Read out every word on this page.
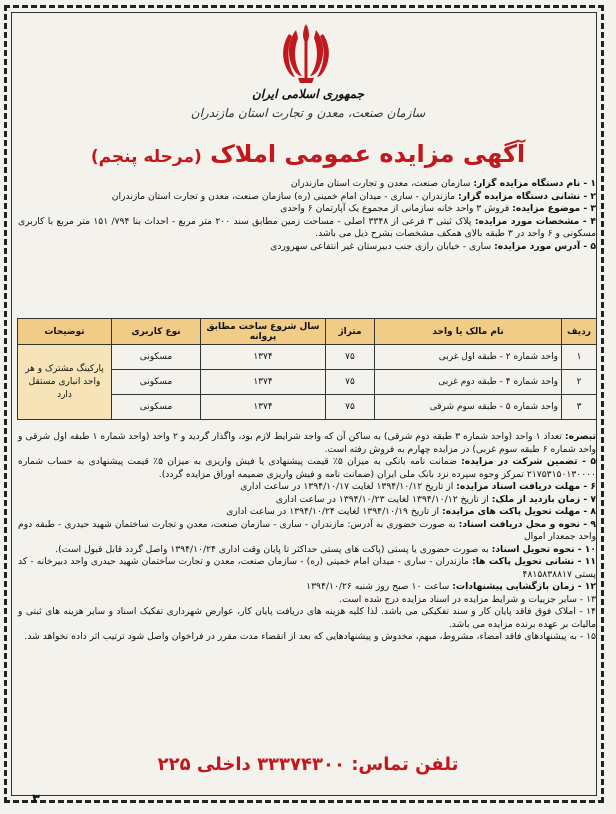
جمهوری اسلامی ایران
سازمان صنعت، معدن و تجارت استان مازندران
آگهی مزایده عمومی املاک (مرحله پنجم)
۱ - نام دستگاه مزایده گزار: سازمان صنعت، معدن و تجارت استان مازندران
۲ - نشانی دستگاه مزایده گزار: مازندران - ساری - میدان امام خمینی (ره) سازمان صنعت، معدن و تجارت استان مازندران
۳ - موضوع مزایده: فروش ۳ واحد خانه سازمانی از مجموع یک آپارتمان ۶ واحدی
۴ - مشخصات مورد مزایده: پلاک ثبتی ۳ فرعی از ۳۳۴۸ اصلی - مساحت زمین مطابق سند ۲۰۰ متر مربع - احداث بنا ۷۹۴/ ۱۵۱ متر مربع با کاربری مسکونی و ۶ واحد در ۳ طبقه بالای همکف مشخصات بشرح ذیل می باشد.
۵ - آدرس مورد مزایده: ساری - خیابان رازی جنب دبیرستان غیر انتفاعی سهروردی
ردیف	نام مالک یا واحد	متراژ	سال شروع ساخت مطابق پروانه	نوع کاربری	توضیحات
۱	واحد شماره ۲ - طبقه اول غربی	۷۵	۱۳۷۴	مسکونی	پارکینگ مشترک و هر واحد انباری مستقل دارد
۲	واحد شماره ۴ - طبقه دوم غربی	۷۵	۱۳۷۴	مسکونی	
۳	واحد شماره ۵ - طبقه سوم شرقی	۷۵	۱۳۷۴	مسکونی	
تبصره: تعداد ۱ واحد (واحد شماره ۳ طبقه دوم شرقی) به ساکن آن که واجد شرایط لازم بود، واگذار گردید و ۲ واحد (واحد شماره ۱ طبقه اول شرقی و واحد شماره ۶ طبقه سوم غربی) در مزایده چهارم به فروش رفته است.
۵ - تضمین شرکت در مزایده: ضمانت نامه بانکی به میزان ۵٪ قیمت پیشنهادی یا فیش واریزی به میزان ۵٪ قیمت پیشنهادی به حساب شماره ۲۱۷۵۳۱۵۰۱۳۰۰۰۰ تمرکز وجوه سپرده نزد بانک ملی ایران (ضمانت نامه و فیش واریزی ضمیمه اوراق مزایده گردد).
۶ - مهلت دریافت اسناد مزایده: از تاریخ ۱۳۹۴/۱۰/۱۲ لغایت ۱۳۹۴/۱۰/۱۷ در ساعت اداری
۷ - زمان بازدید از ملک: از تاریخ ۱۳۹۴/۱۰/۱۲ لغایت ۱۳۹۴/۱۰/۲۳ در ساعت اداری
۸ - مهلت تحویل پاکت های مزایده: از تاریخ ۱۳۹۴/۱۰/۱۹ لغایت ۱۳۹۴/۱۰/۲۴ در ساعت اداری
۹ - نحوه و محل دریافت اسناد: به صورت حضوری به آدرس: مازندران - ساری - سازمان صنعت، معدن و تجارت ساختمان شهید حیدری - طبقه دوم واحد جمعدار اموال
۱۰ - نحوه تحویل اسناد: به صورت حضوری یا پستی (پاکت های پستی حداکثر تا پایان وقت اداری ۱۳۹۴/۱۰/۲۴ واصل گردد قابل قبول است).
۱۱ - نشانی تحویل پاکت ها: مازندران - ساری - میدان امام خمینی (ره) - سازمان صنعت، معدن و تجارت ساختمان شهید حیدری واحد دبیرخانه - کد پستی ۴۸۱۵۸۳۸۸۱۷
۱۲ - زمان بازگشایی پیشنهادات: ساعت ۱۰ صبح روز شنبه ۱۳۹۴/۱۰/۲۶
۱۳ - سایر جزییات و شرایط مزایده در اسناد مزایده درج شده است.
۱۴ - املاک فوق فاقد پایان کار و سند تفکیکی می باشد. لذا کلیه هزینه های دریافت پایان کار، عوارض شهرداری تفکیک اسناد و سایر هزینه های ثبتی و مالیات بر عهده برنده مزایده می باشد.
۱۵ - به پیشنهادهای فاقد امضاء، مشروط، مبهم، مخدوش و پیشنهادهایی که بعد از انقضاء مدت مقرر در فراخوان واصل شود ترتیب اثر داده نخواهد شد.
تلفن تماس: ۳۳۳۷۴۳۰۰ داخلی ۲۲۵
۳
